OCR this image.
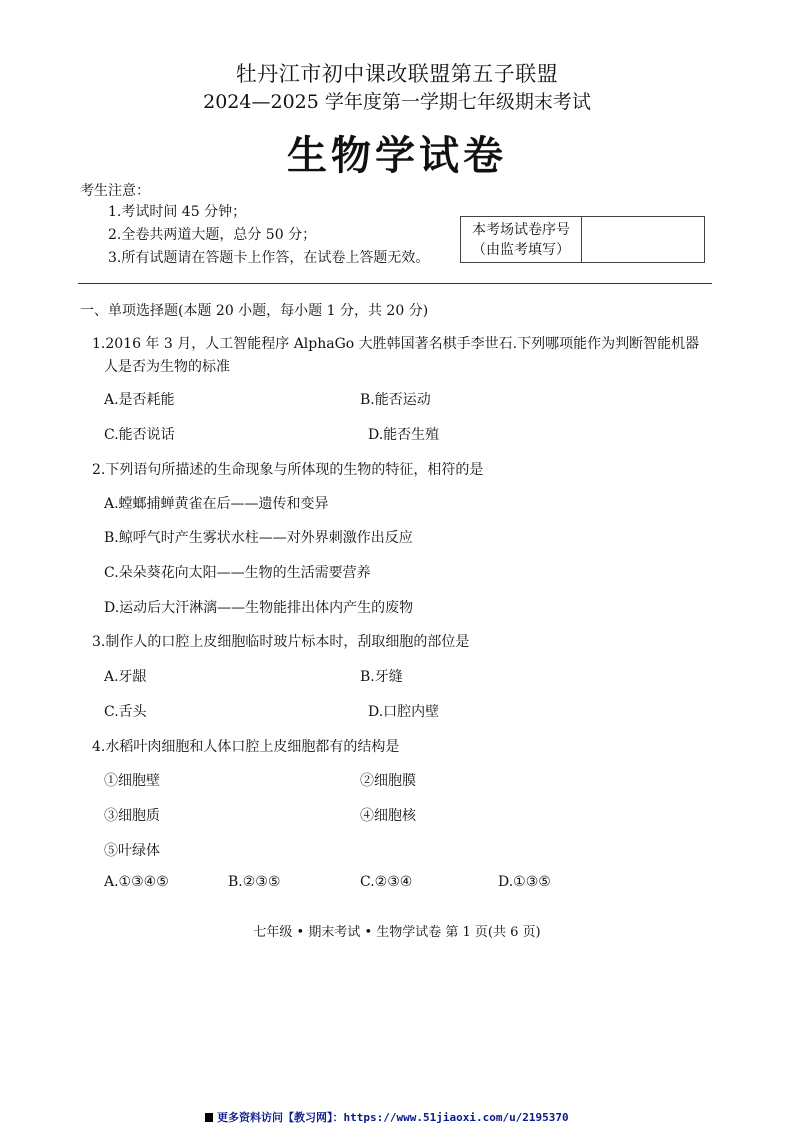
牡丹江市初中课改联盟第五子联盟
2024—2025 学年度第一学期七年级期末考试
生物学试卷
考生注意：
1.考试时间 45 分钟；
2.全卷共两道大题，总分 50 分；
3.所有试题请在答题卡上作答，在试卷上答题无效。
本考场试卷序号
（由监考填写）
一、单项选择题(本题 20 小题，每小题 1 分，共 20 分)
1.2016 年 3 月，人工智能程序 AlphaGo 大胜韩国著名棋手李世石.下列哪项能作为判断智能机器
人是否为生物的标准
A.是否耗能	B.能否运动
C.能否说话	D.能否生殖
2.下列语句所描述的生命现象与所体现的生物的特征，相符的是
A.螳螂捕蝉黄雀在后——遗传和变异
B.鲸呼气时产生雾状水柱——对外界刺激作出反应
C.朵朵葵花向太阳——生物的生活需要营养
D.运动后大汗淋漓——生物能排出体内产生的废物
3.制作人的口腔上皮细胞临时玻片标本时，刮取细胞的部位是
A.牙龈	B.牙缝
C.舌头	D.口腔内壁
4.水稻叶肉细胞和人体口腔上皮细胞都有的结构是
①细胞壁	②细胞膜
③细胞质	④细胞核
⑤叶绿体
A.①③④⑤	B.②③⑤	C.②③④	D.①③⑤
七年级 • 期末考试 • 生物学试卷 第 1 页(共 6 页)
更多资料访问【教习网】：https://www.51jiaoxi.com/u/2195370
